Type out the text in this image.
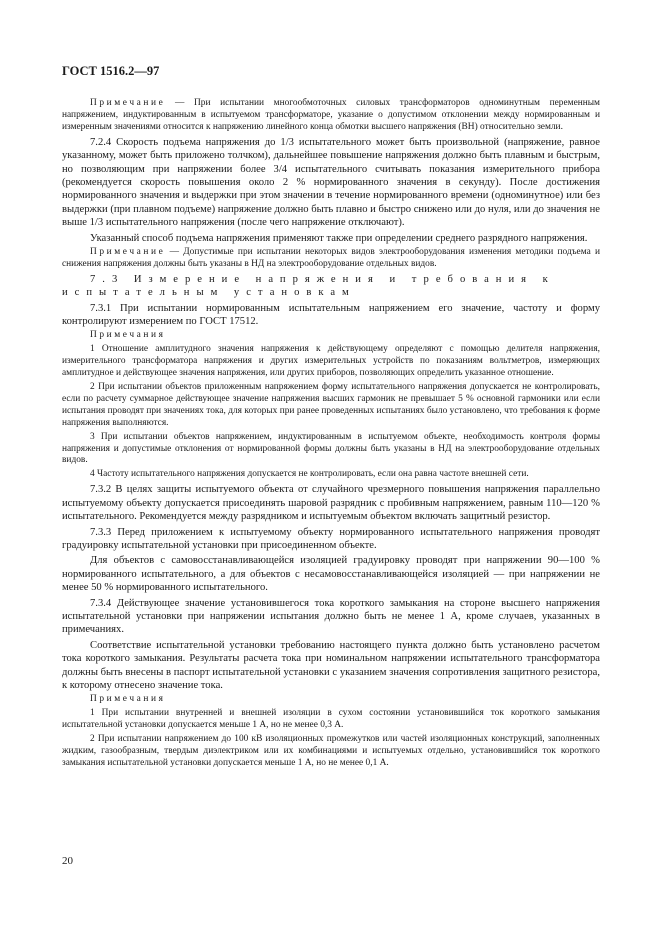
ГОСТ 1516.2—97

Примечание — При испытании многообмоточных силовых трансформаторов одноминутным переменным напряжением, индуктированным в испытуемом трансформаторе, указание о допустимом отклонении между нормированным и измеренным значениями относится к напряжению линейного конца обмотки высшего напряжения (ВН) относительно земли.

7.2.4 Скорость подъема напряжения до 1/3 испытательного может быть произвольной (напряжение, равное указанному, может быть приложено толчком), дальнейшее повышение напряжения должно быть плавным и быстрым, но позволяющим при напряжении более 3/4 испытательного считывать показания измерительного прибора (рекомендуется скорость повышения около 2 % нормированного значения в секунду). После достижения нормированного значения и выдержки при этом значении в течение нормированного времени (одноминутное) или без выдержки (при плавном подъеме) напряжение должно быть плавно и быстро снижено или до нуля, или до значения не выше 1/3 испытательного напряжения (после чего напряжение отключают).

Указанный способ подъема напряжения применяют также при определении среднего разрядного напряжения.

Примечание — Допустимые при испытании некоторых видов электрооборудования изменения методики подъема и снижения напряжения должны быть указаны в НД на электрооборудование отдельных видов.

7.3 Измерение напряжения и требования к испытательным установкам

7.3.1 При испытании нормированным испытательным напряжением его значение, частоту и форму контролируют измерением по ГОСТ 17512.

Примечания

1 Отношение амплитудного значения напряжения к действующему определяют с помощью делителя напряжения, измерительного трансформатора напряжения и других измерительных устройств по показаниям вольтметров, измеряющих амплитудное и действующее значения напряжения, или других приборов, позволяющих определить указанное отношение.

2 При испытании объектов приложенным напряжением форму испытательного напряжения допускается не контролировать, если по расчету суммарное действующее значение напряжения высших гармоник не превышает 5 % основной гармоники или если испытания проводят при значениях тока, для которых при ранее проведенных испытаниях было установлено, что требования к форме напряжения выполняются.

3 При испытании объектов напряжением, индуктированным в испытуемом объекте, необходимость контроля формы напряжения и допустимые отклонения от нормированной формы должны быть указаны в НД на электрооборудование отдельных видов.

4 Частоту испытательного напряжения допускается не контролировать, если она равна частоте внешней сети.

7.3.2 В целях защиты испытуемого объекта от случайного чрезмерного повышения напряжения параллельно испытуемому объекту допускается присоединять шаровой разрядник с пробивным напряжением, равным 110—120 % испытательного. Рекомендуется между разрядником и испытуемым объектом включать защитный резистор.

7.3.3 Перед приложением к испытуемому объекту нормированного испытательного напряжения проводят градуировку испытательной установки при присоединенном объекте.

Для объектов с самовосстанавливающейся изоляцией градуировку проводят при напряжении 90—100 % нормированного испытательного, а для объектов с несамовосстанавливающейся изоляцией — при напряжении не менее 50 % нормированного испытательного.

7.3.4 Действующее значение установившегося тока короткого замыкания на стороне высшего напряжения испытательной установки при напряжении испытания должно быть не менее 1 А, кроме случаев, указанных в примечаниях.

Соответствие испытательной установки требованию настоящего пункта должно быть установлено расчетом тока короткого замыкания. Результаты расчета тока при номинальном напряжении испытательного трансформатора должны быть внесены в паспорт испытательной установки с указанием значения сопротивления защитного резистора, к которому отнесено значение тока.

Примечания

1 При испытании внутренней и внешней изоляции в сухом состоянии установившийся ток короткого замыкания испытательной установки допускается меньше 1 А, но не менее 0,3 А.

2 При испытании напряжением до 100 кВ изоляционных промежутков или частей изоляционных конструкций, заполненных жидким, газообразным, твердым диэлектриком или их комбинациями и испытуемых отдельно, установившийся ток короткого замыкания испытательной установки допускается меньше 1 А, но не менее 0,1 А.

20
